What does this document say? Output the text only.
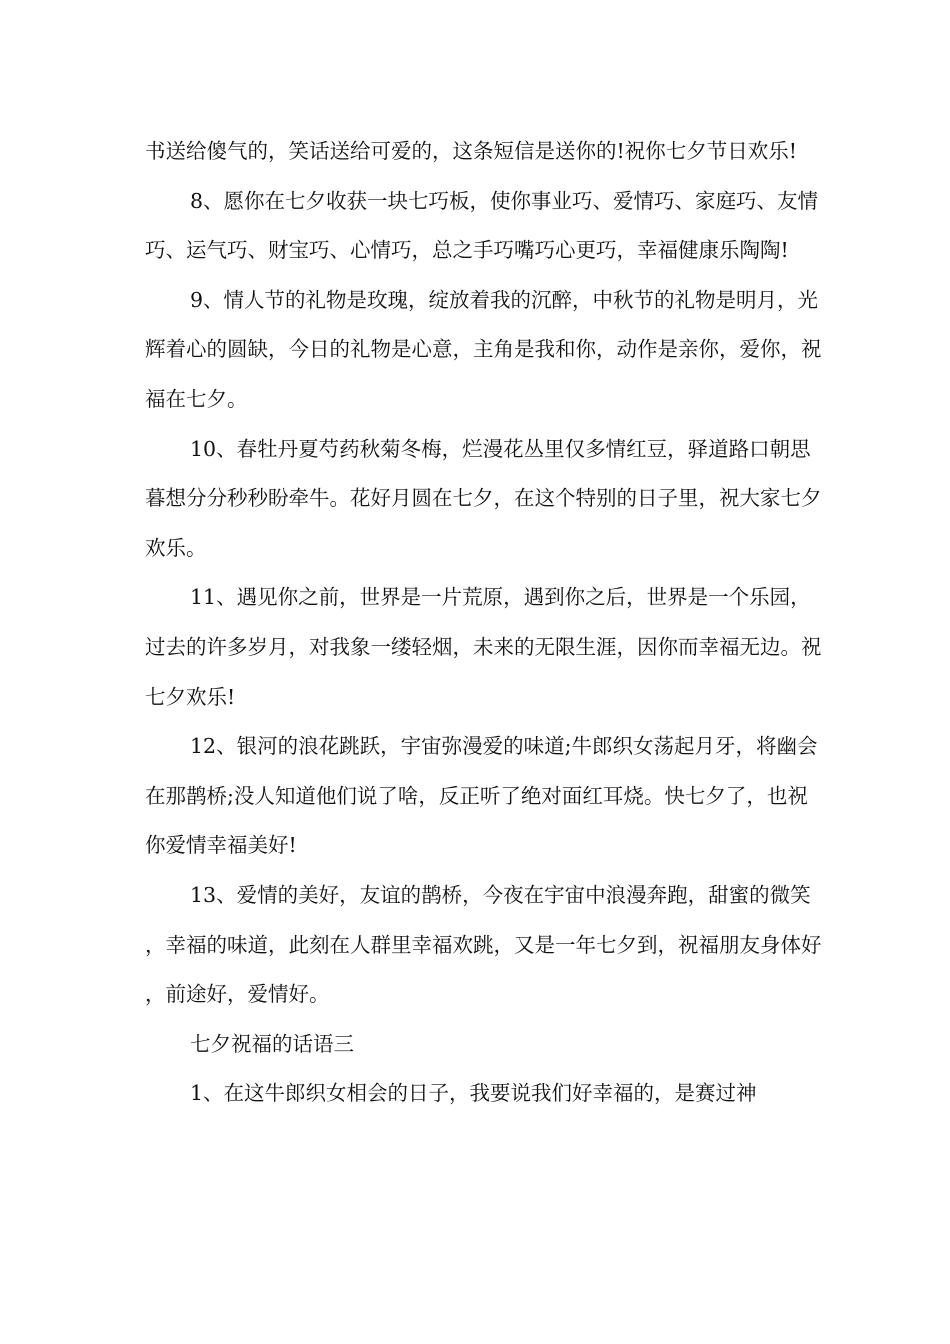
书送给傻气的，笑话送给可爱的，这条短信是送你的!祝你七夕节日欢乐!

8、愿你在七夕收获一块七巧板，使你事业巧、爱情巧、家庭巧、友情巧、运气巧、财宝巧、心情巧，总之手巧嘴巧心更巧，幸福健康乐陶陶!

9、情人节的礼物是玫瑰，绽放着我的沉醉，中秋节的礼物是明月，光辉着心的圆缺，今日的礼物是心意，主角是我和你，动作是亲你，爱你，祝福在七夕。

10、春牡丹夏芍药秋菊冬梅，烂漫花丛里仅多情红豆，驿道路口朝思暮想分分秒秒盼牵牛。花好月圆在七夕，在这个特别的日子里，祝大家七夕欢乐。

11、遇见你之前，世界是一片荒原，遇到你之后，世界是一个乐园，过去的许多岁月，对我象一缕轻烟，未来的无限生涯，因你而幸福无边。祝七夕欢乐!

12、银河的浪花跳跃，宇宙弥漫爱的味道;牛郎织女荡起月牙，将幽会在那鹊桥;没人知道他们说了啥，反正听了绝对面红耳烧。快七夕了，也祝你爱情幸福美好!

13、爱情的美好，友谊的鹊桥，今夜在宇宙中浪漫奔跑，甜蜜的微笑，幸福的味道，此刻在人群里幸福欢跳，又是一年七夕到，祝福朋友身体好，前途好，爱情好。

七夕祝福的话语三

1、在这牛郎织女相会的日子，我要说我们好幸福的，是赛过神
